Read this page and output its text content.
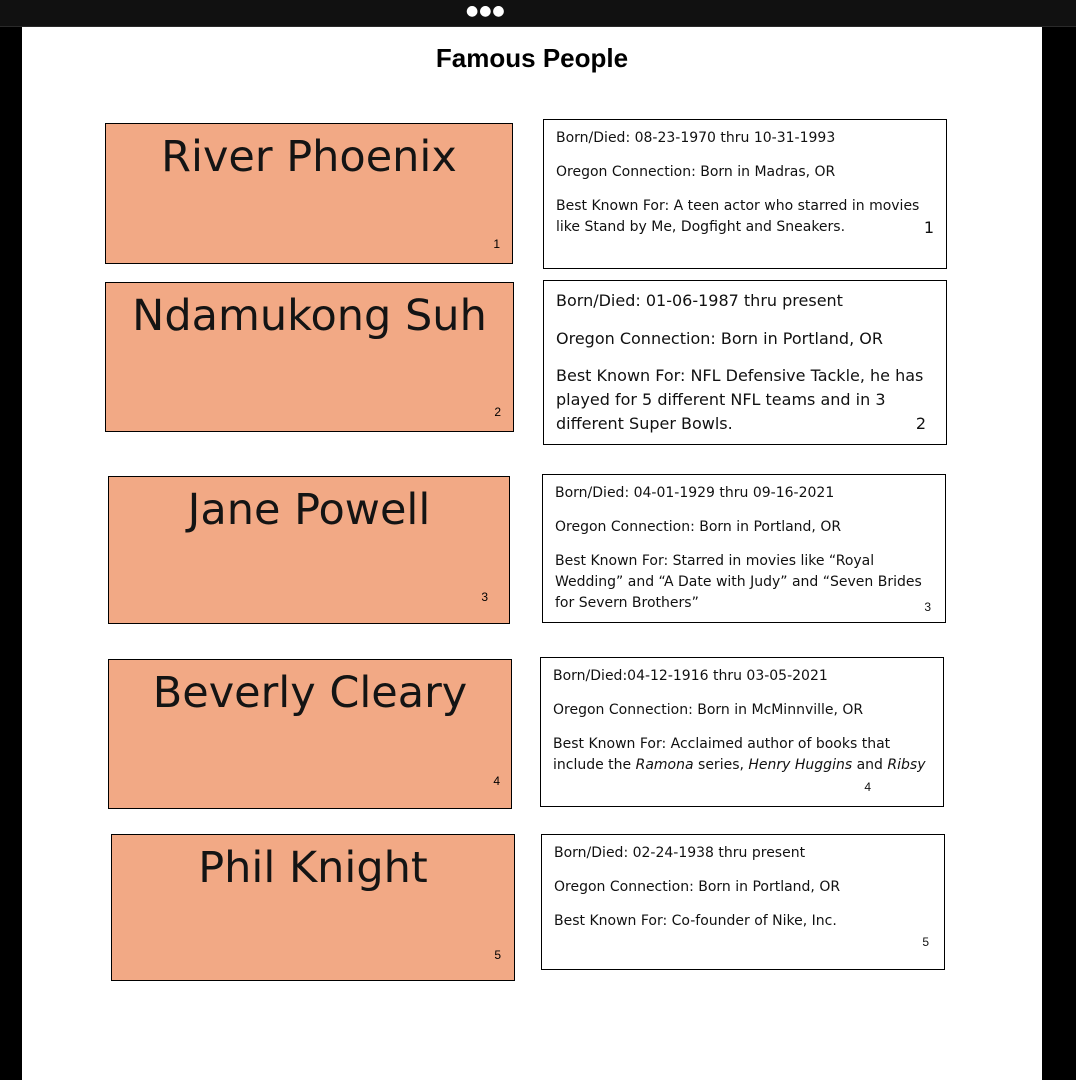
●●●
Famous People
River Phoenix
1

Born/Died: 08-23-1970 thru 10-31-1993

Oregon Connection: Born in Madras, OR

Best Known For: A teen actor who starred in movies like Stand by Me, Dogfight and Sneakers.	1

Ndamukong Suh
2

Born/Died: 01-06-1987 thru present

Oregon Connection: Born in Portland, OR

Best Known For: NFL Defensive Tackle, he has played for 5 different NFL teams and in 3 different Super Bowls.	2

Jane Powell
3

Born/Died: 04-01-1929 thru 09-16-2021

Oregon Connection: Born in Portland, OR

Best Known For: Starred in movies like “Royal Wedding” and “A Date with Judy” and “Seven Brides for Severn Brothers”	3
Beverly Cleary
4

Born/Died:04-12-1916 thru 03-05-2021

Oregon Connection: Born in McMinnville, OR

Best Known For: Acclaimed author of books that include the Ramona series, Henry Huggins and Ribsy

4
Phil Knight
5

Born/Died: 02-24-1938 thru present

Oregon Connection: Born in Portland, OR

Best Known For: Co-founder of Nike, Inc.

5
